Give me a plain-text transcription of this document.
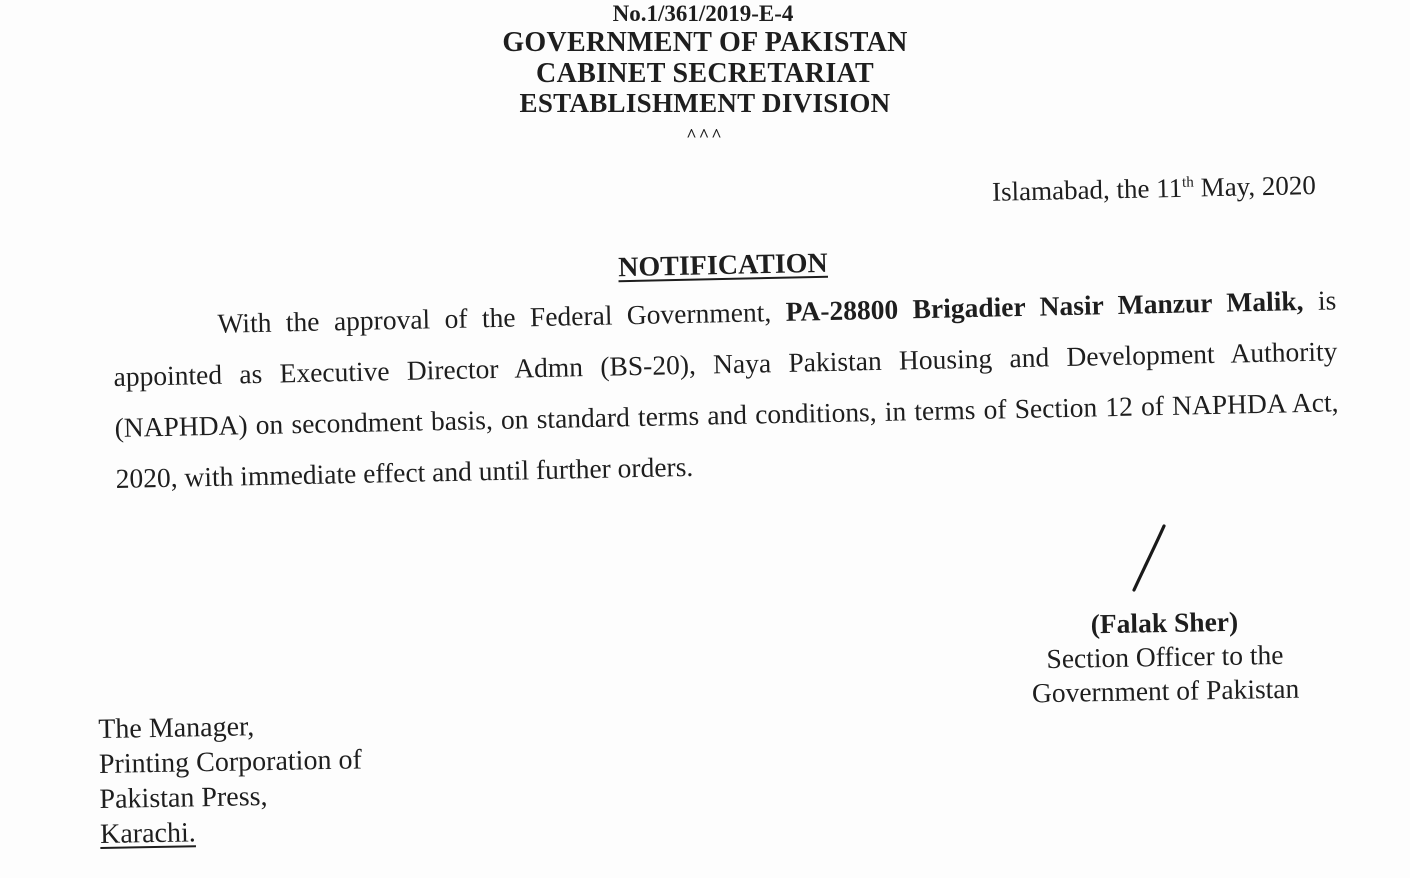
No.1/361/2019-E-4
GOVERNMENT OF PAKISTAN
CABINET SECRETARIAT
ESTABLISHMENT DIVISION
^^^
Islamabad, the 11th May, 2020
NOTIFICATION

With the approval of the Federal Government, PA-28800 Brigadier Nasir Manzur Malik, is appointed as Executive Director Admn (BS-20), Naya Pakistan Housing and Development Authority (NAPHDA) on secondment basis, on standard terms and conditions, in terms of Section 12 of NAPHDA Act, 2020, with immediate effect and until further orders.

(Falak Sher)
Section Officer to the
Government of Pakistan
The Manager,
Printing Corporation of
Pakistan Press,
Karachi.
